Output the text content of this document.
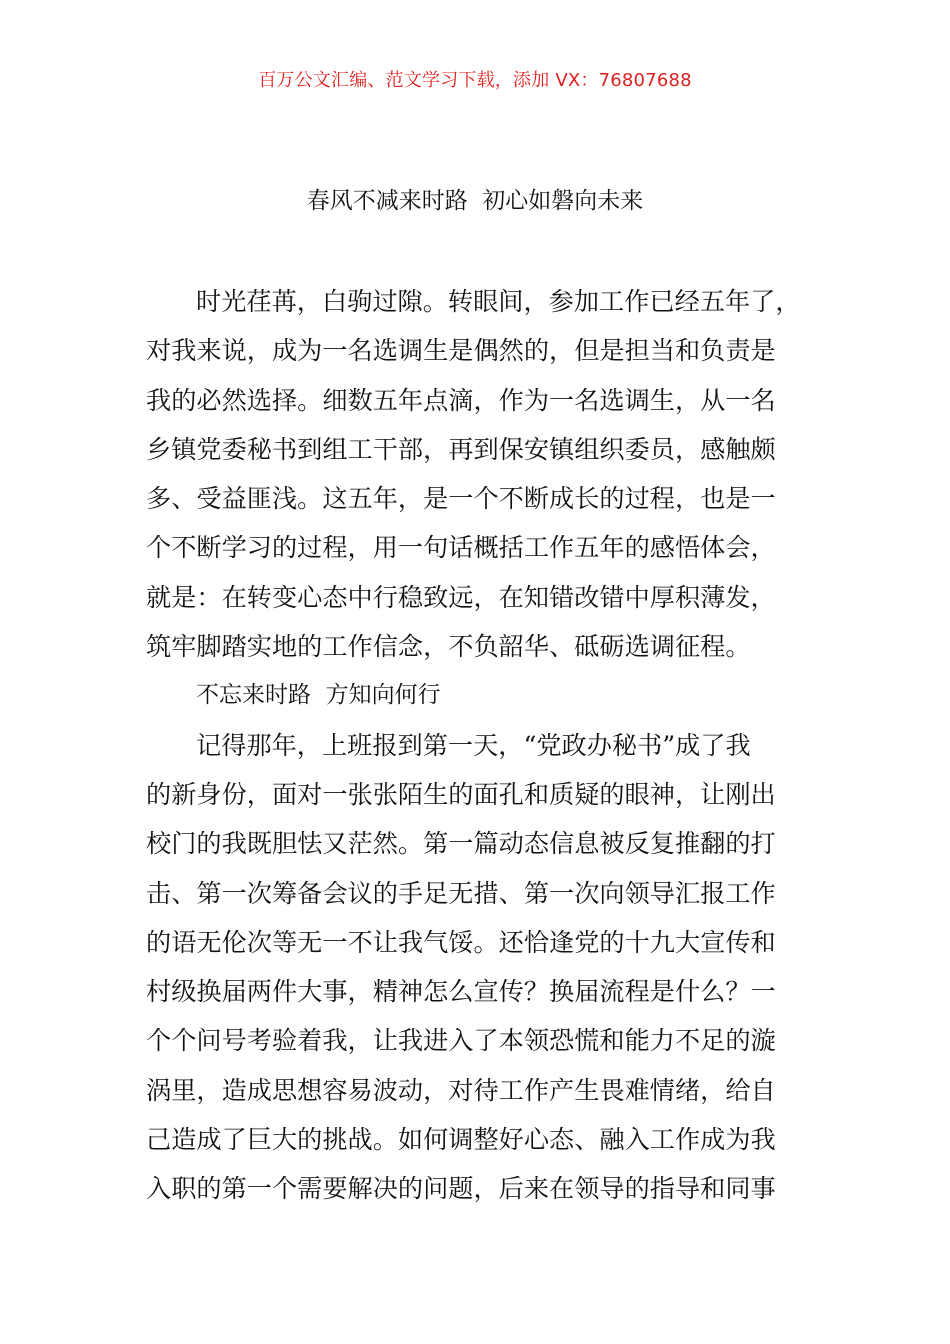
百万公文汇编、范文学习下载，添加 VX：76807688
春风不减来时路  初心如磐向未来
时光荏苒，白驹过隙。转眼间，参加工作已经五年了，
对我来说，成为一名选调生是偶然的，但是担当和负责是
我的必然选择。细数五年点滴，作为一名选调生，从一名
乡镇党委秘书到组工干部，再到保安镇组织委员，感触颇
多、受益匪浅。这五年，是一个不断成长的过程，也是一
个不断学习的过程，用一句话概括工作五年的感悟体会，
就是：在转变心态中行稳致远，在知错改错中厚积薄发，
筑牢脚踏实地的工作信念，不负韶华、砥砺选调征程。
不忘来时路  方知向何行
记得那年，上班报到第一天，“党政办秘书”成了我
的新身份，面对一张张陌生的面孔和质疑的眼神，让刚出
校门的我既胆怯又茫然。第一篇动态信息被反复推翻的打
击、第一次筹备会议的手足无措、第一次向领导汇报工作
的语无伦次等无一不让我气馁。还恰逢党的十九大宣传和
村级换届两件大事，精神怎么宣传？换届流程是什么？一
个个问号考验着我，让我进入了本领恐慌和能力不足的漩
涡里，造成思想容易波动，对待工作产生畏难情绪，给自
己造成了巨大的挑战。如何调整好心态、融入工作成为我
入职的第一个需要解决的问题，后来在领导的指导和同事
